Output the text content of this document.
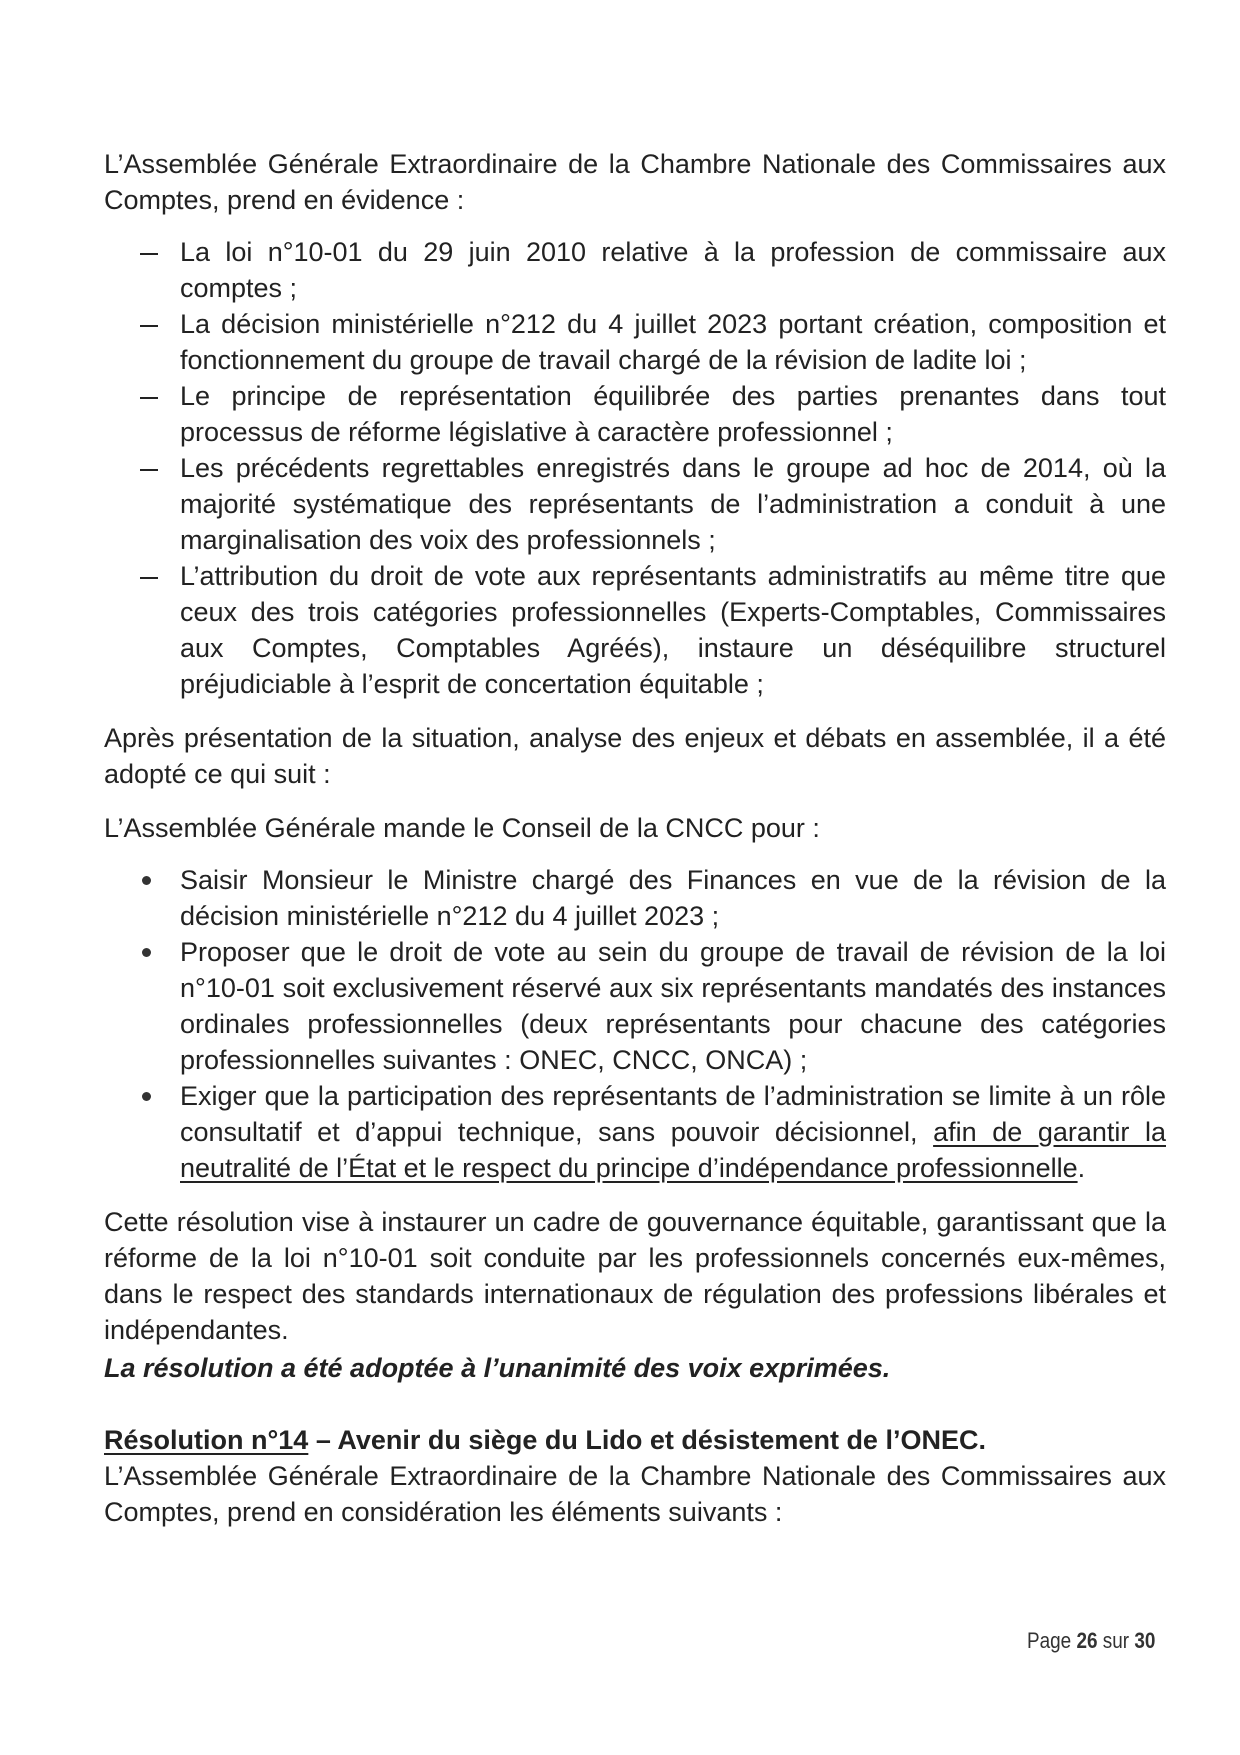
L’Assemblée Générale Extraordinaire de la Chambre Nationale des Commissaires aux Comptes, prend en évidence :

La loi n°10-01 du 29 juin 2010 relative à la profession de commissaire aux comptes ;
La décision ministérielle n°212 du 4 juillet 2023 portant création, composition et fonctionnement du groupe de travail chargé de la révision de ladite loi ;
Le principe de représentation équilibrée des parties prenantes dans tout processus de réforme législative à caractère professionnel ;
Les précédents regrettables enregistrés dans le groupe ad hoc de 2014, où la majorité systématique des représentants de l’administration a conduit à une marginalisation des voix des professionnels ;
L’attribution du droit de vote aux représentants administratifs au même titre que ceux des trois catégories professionnelles (Experts-Comptables, Commissaires aux Comptes, Comptables Agréés), instaure un déséquilibre structurel préjudiciable à l’esprit de concertation équitable ;

Après présentation de la situation, analyse des enjeux et débats en assemblée, il a été adopté ce qui suit :

L’Assemblée Générale mande le Conseil de la CNCC pour :

Saisir Monsieur le Ministre chargé des Finances en vue de la révision de la décision ministérielle n°212 du 4 juillet 2023 ;
Proposer que le droit de vote au sein du groupe de travail de révision de la loi n°10-01 soit exclusivement réservé aux six représentants mandatés des instances ordinales professionnelles (deux représentants pour chacune des catégories professionnelles suivantes : ONEC, CNCC, ONCA) ;
Exiger que la participation des représentants de l’administration se limite à un rôle consultatif et d’appui technique, sans pouvoir décisionnel, afin de garantir la neutralité de l’État et le respect du principe d’indépendance professionnelle.

Cette résolution vise à instaurer un cadre de gouvernance équitable, garantissant que la réforme de la loi n°10-01 soit conduite par les professionnels concernés eux-mêmes, dans le respect des standards internationaux de régulation des professions libérales et indépendantes.

La résolution a été adoptée à l’unanimité des voix exprimées.

Résolution n°14 – Avenir du siège du Lido et désistement de l’ONEC.

L’Assemblée Générale Extraordinaire de la Chambre Nationale des Commissaires aux Comptes, prend en considération les éléments suivants :

Page 26 sur 30
